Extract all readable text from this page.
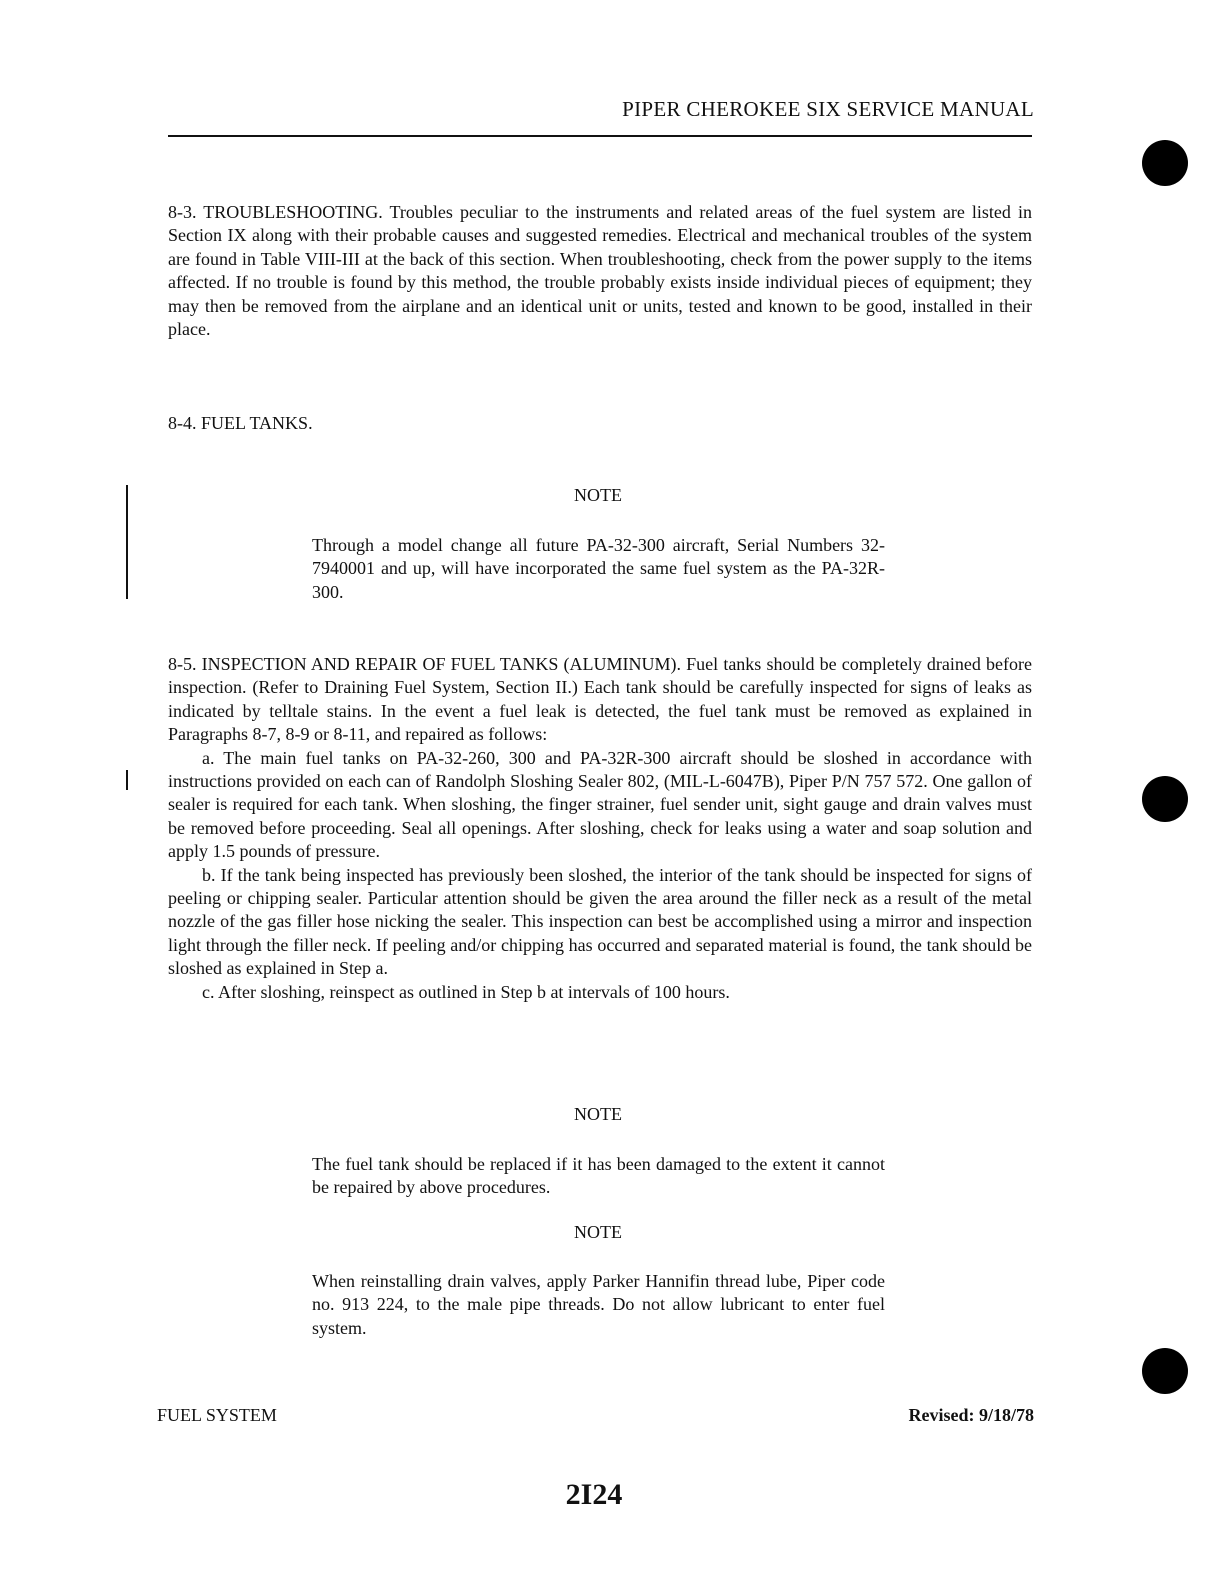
PIPER CHEROKEE SIX SERVICE MANUAL

8-3. TROUBLESHOOTING. Troubles peculiar to the instruments and related areas of the fuel system are listed in Section IX along with their probable causes and suggested remedies. Electrical and mechanical troubles of the system are found in Table VIII-III at the back of this section. When troubleshooting, check from the power supply to the items affected. If no trouble is found by this method, the trouble probably exists inside individual pieces of equipment; they may then be removed from the airplane and an identical unit or units, tested and known to be good, installed in their place.

8-4. FUEL TANKS.
NOTE

Through a model change all future PA-32-300 aircraft, Serial Numbers 32-7940001 and up, will have incorporated the same fuel system as the PA-32R-300.

8-5. INSPECTION AND REPAIR OF FUEL TANKS (ALUMINUM). Fuel tanks should be completely drained before inspection. (Refer to Draining Fuel System, Section II.) Each tank should be carefully inspected for signs of leaks as indicated by telltale stains. In the event a fuel leak is detected, the fuel tank must be removed as explained in Paragraphs 8-7, 8-9 or 8-11, and repaired as follows:

a. The main fuel tanks on PA-32-260, 300 and PA-32R-300 aircraft should be sloshed in accordance with instructions provided on each can of Randolph Sloshing Sealer 802, (MIL-L-6047B), Piper P/N 757 572. One gallon of sealer is required for each tank. When sloshing, the finger strainer, fuel sender unit, sight gauge and drain valves must be removed before proceeding. Seal all openings. After sloshing, check for leaks using a water and soap solution and apply 1.5 pounds of pressure.

b. If the tank being inspected has previously been sloshed, the interior of the tank should be inspected for signs of peeling or chipping sealer. Particular attention should be given the area around the filler neck as a result of the metal nozzle of the gas filler hose nicking the sealer. This inspection can best be accomplished using a mirror and inspection light through the filler neck. If peeling and/or chipping has occurred and separated material is found, the tank should be sloshed as explained in Step a.

c. After sloshing, reinspect as outlined in Step b at intervals of 100 hours.

NOTE

The fuel tank should be replaced if it has been damaged to the extent it cannot be repaired by above procedures.

NOTE

When reinstalling drain valves, apply Parker Hannifin thread lube, Piper code no. 913 224, to the male pipe threads. Do not allow lubricant to enter fuel system.

FUEL SYSTEM	Revised: 9/18/78
2I24
